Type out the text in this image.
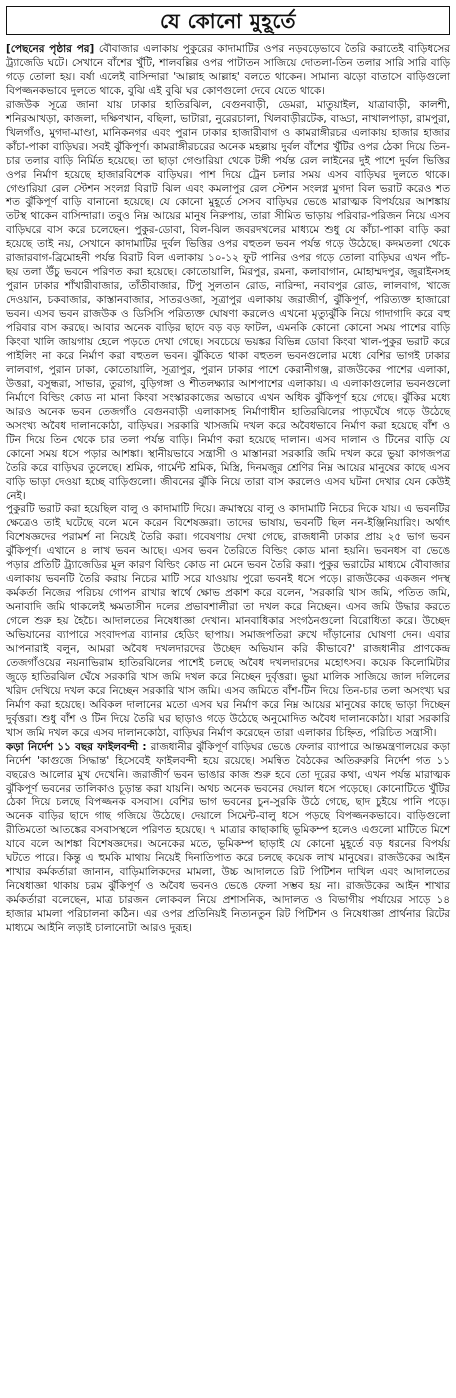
যে কোনো মুহূর্তে

[পেছনের পৃষ্ঠার পর] বৌবাজার এলাকায় পুকুরের কাদামাটির ওপর নড়বড়েভাবে তৈরি করাতেই বাড়িধসের ট্র্যাজেডি ঘটে। সেখানে বাঁশের খুঁটি, শালবল্লির ওপর পাটাতন সাজিয়ে দোতলা-তিন তলার সারি সারি বাড়ি গড়ে তোলা হয়। বর্ষা এলেই বাসিন্দারা 'আল্লাহ আল্লাহ' বলতে থাকেন। সামান্য ঝড়ো বাতাসে বাড়িগুলো বিপজ্জনকভাবে দুলতে থাকে, বুঝি এই বুঝি ঘর কোণগুলো দেবে যেতে থাকে।

রাজউক সূত্রে জানা যায় ঢাকার হাতিরঝিল, বেগুনবাড়ী, ডেমরা, মাতুয়াইল, যাত্রাবাড়ী, কালশী, শনিরআখড়া, কাজলা, দক্ষিণখান, বছিলা, ভাটারা, নুরেরচালা, খিলবাড়ীরটেক, বাড্ডা, নাখালপাড়া, রামপুরা, খিলগাঁও, মুগদা-মাণ্ডা, মানিকনগর এবং পুরান ঢাকার হাজারীবাগ ও কামরাঙ্গীরচর এলাকায় হাজার হাজার কাঁচা-পাকা বাড়িঘর। সবই ঝুঁকিপূর্ণ। কামরাঙ্গীরচরের অনেক মহল্লায় দুর্বল বাঁশের খুঁটির ওপর ঠেকা দিয়ে তিন-চার তলার বাড়ি নির্মিত হয়েছে। তা ছাড়া গেণ্ডারিয়া থেকে টঙ্গী পর্যন্ত রেল লাইনের দুই পাশে দুর্বল ভিত্তির ওপর নির্মাণ হয়েছে হাজারবিশেক বাড়িঘর। পাশ দিয়ে ট্রেন চলার সময় এসব বাড়িঘর দুলতে থাকে। গেণ্ডারিয়া রেল স্টেশন সংলগ্ন বিরাট ঝিল এবং কমলাপুর রেল স্টেশন সংলগ্ন মুগদা বিল ভরাট করেও শত শত ঝুঁকিপূর্ণ বাড়ি বানানো হয়েছে। যে কোনো মুহূর্তে সেসব বাড়িঘর ভেঙে মারাত্মক বিপর্যয়ের আশঙ্কায় তটস্থ থাকেন বাসিন্দারা। তবুও নিম্ন আয়ের মানুষ নিরুপায়, তারা সীমিত ভাড়ায় পরিবার-পরিজন নিয়ে এসব বাড়িঘরে বাস করে চলেছেন। পুকুর-ডোবা, বিল-ঝিল জবরদখলের মাধ্যমে শুধু যে কাঁচা-পাকা বাড়ি করা হয়েছে তাই নয়, সেখানে কাদামাটির দুর্বল ভিত্তির ওপর বহুতল ভবন পর্যন্ত গড়ে উঠেছে। কদমতলা থেকে রাজারবাগ-ব্রিমোহনী পর্যন্ত বিরাট বিল এলাকায় ১০-১২ ফুট পানির ওপর গড়ে তোলা বাড়িঘর এখন পাঁচ-ছয় তলা উঁচু ভবনে পরিণত করা হয়েছে। কোতোয়ালি, মিরপুর, রমনা, কলাবাগান, মোহাম্মদপুর, জুরাইনসহ পুরান ঢাকার শাঁখারীবাজার, তাঁতীবাজার, টিপু সুলতান রোড, নারিন্দা, নবাবপুর রোড, লালবাগ, খাজে দেওয়ান, চকবাজার, কাস্তানবাজার, সাতরওজা, সূত্রাপুর এলাকায় জরাজীর্ণ, ঝুঁকিপূর্ণ, পরিত্যক্ত হাজারো ভবন। এসব ভবন রাজউক ও ডিসিসি পরিত্যক্ত ঘোষণা করলেও এখনো মৃত্যুঝুঁকি নিয়ে গাদাগাদি করে বহু পরিবার বাস করছে। আবার অনেক বাড়ির ছাদে বড় বড় ফাটল, এমনকি কোনো কোনো সময় পাশের বাড়ি কিংবা খালি জায়গায় হেলে পড়তে দেখা গেছে। সবচেয়ে ভয়ঙ্কর বিভিন্ন ডোবা কিংবা খাল-পুকুর ভরাট করে পাইলিং না করে নির্মাণ করা বহুতল ভবন। ঝুঁকিতে থাকা বহুতল ভবনগুলোর মধ্যে বেশির ভাগই ঢাকার লালবাগ, পুরান ঢাকা, কোতোয়ালি, সূত্রাপুর, পুরান ঢাকার পাশে কেরানীগঞ্জ, রাজউকের পাশের এলাকা, উত্তরা, বসুন্ধরা, সাভার, তুরাগ, বুড়িগঙ্গা ও শীতলক্ষ্যার আশপাশের এলাকায়। এ এলাকাগুলোর ভবনগুলো নির্মাণে বিল্ডিং কোড না মানা কিংবা সংস্কারকাজের অভাবে এখন অধিক ঝুঁকিপূর্ণ হয়ে গেছে। ঝুঁকির মধ্যে আরও অনেক ভবন তেজগাঁও বেগুনবাড়ী এলাকাসহ নির্মাণাধীন হাতিরঝিলের পাড়ঘেঁষে গড়ে উঠেছে অসংখ্য অবৈধ দালানকোঠা, বাড়িঘর। সরকারি খাসজমি দখল করে অবৈধভাবে নির্মাণ করা হয়েছে বাঁশ ও টিন দিয়ে তিন থেকে চার তলা পর্যন্ত বাড়ি। নির্মাণ করা হয়েছে দালান। এসব দালান ও টিনের বাড়ি যে কোনো সময় ধসে পড়ার আশঙ্কা। স্থানীয়ভাবে সন্ত্রাসী ও মাস্তানরা সরকারি জমি দখল করে ভুয়া কাগজপত্র তৈরি করে বাড়িঘর তুলেছে। শ্রমিক, গার্মেন্ট শ্রমিক, মিস্ত্রি, দিনমজুর শ্রেণির নিম্ন আয়ের মানুষের কাছে এসব বাড়ি ভাড়া দেওয়া হচ্ছে বাড়িগুলো। জীবনের ঝুঁকি নিয়ে তারা বাস করলেও এসব ঘটনা দেখার যেন কেউই নেই।

পুকুরটি ভরাট করা হয়েছিল বালু ও কাদামাটি দিয়ে। ক্রমাস্বয়ে বালু ও কাদামাটি নিচের দিকে যায়। এ ভবনটির ক্ষেত্রেও তাই ঘটেছে বলে মনে করেন বিশেষজ্ঞরা। তাদের ভাষায়, ভবনটি ছিল নন-ইঞ্জিনিয়ারিং। অর্থাৎ বিশেষজ্ঞদের পরামর্শ না নিয়েই তৈরি করা। গবেষণায় দেখা গেছে, রাজধানী ঢাকার প্রায় ২৫ ভাগ ভবন ঝুঁকিপূর্ণ। এখানে ৪ লাখ ভবন আছে। এসব ভবন তৈরিতে বিল্ডিং কোড মানা হয়নি। ভবনধস বা ভেঙে পড়ার প্রতিটি ট্র্যাজেডির মূল কারণ বিল্ডিং কোড না মেনে ভবন তৈরি করা। পুকুর ভরাটের মাধ্যমে বৌবাজার এলাকায় ভবনটি তৈরি করায় নিচের মাটি সরে যাওয়ায় পুরো ভবনই ধসে পড়ে। রাজউকের একজন পদস্থ কর্মকর্তা নিজের পরিচয় গোপন রাখার স্বার্থে ক্ষোভ প্রকাশ করে বলেন, 'সরকারি খাস জমি, পতিত জমি, অনাবাদি জমি থাকলেই ক্ষমতাসীন দলের প্রভাবশালীরা তা দখল করে নিচ্ছেন। এসব জমি উদ্ধার করতে গেলে শুরু হয় হৈচৈ। আদালতের নিষেধাজ্ঞা দেখান। মানবাধিকার সংগঠনগুলো বিরোধিতা করে। উচ্ছেদ অভিযানের ব্যাপারে সংবাদপত্র ব্যানার হেডিং ছাপায়। সমাজপতিরা রুখে দাঁড়ানোর ঘোষণা দেন। এবার আপনারাই বলুন, আমরা অবৈধ দখলদারদের উচ্ছেদ অভিযান করি কীভাবে?' রাজধানীর প্রাণকেন্দ্র তেজগাঁওয়ের নয়নাভিরাম হাতিরঝিলের পাশেই চলছে অবৈধ দখলদারদের মহোৎসব। কয়েক কিলোমিটার জুড়ে হাতিরঝিল ঘেঁষে সরকারি খাস জমি দখল করে নিচ্ছেন দুর্বৃত্তরা। ভুয়া মালিক সাজিয়ে জাল দলিলের খরিদ দেখিয়ে দখল করে নিচ্ছেন সরকারি খাস জমি। এসব জমিতে বাঁশ-টিন দিয়ে তিন-চার তলা অসংখ্য ঘর নির্মাণ করা হয়েছে। অবিকল দালানের মতো এসব ঘর নির্মাণ করে নিম্ন আয়ের মানুষের কাছে ভাড়া দিচ্ছেন দুর্বৃত্তরা। শুধু বাঁশ ও টিন দিয়ে তৈরি ঘর ছাড়াও গড়ে উঠেছে অনুমোদিত অবৈধ দালানকোঠা। যারা সরকারি খাস জমি দখল করে এসব দালানকোঠা, বাড়িঘর নির্মাণ করেছেন তারা এলাকার চিহ্নিত, পরিচিত সন্ত্রাসী।

কড়া নির্দেশ ১১ বছর ফাইলবন্দী : রাজধানীর ঝুঁকিপূর্ণ বাড়িঘর ভেঙে ফেলার ব্যাপারে আন্তমন্ত্রণালয়ের কড়া নির্দেশ 'কাগুজে সিদ্ধান্ত' হিসেবেই ফাইলবন্দী হয়ে রয়েছে। সমন্বিত বৈঠকের অতিরুরুরি নির্দেশ গত ১১ বছরেও আলোর মুখ দেখেনি। জরাজীর্ণ ভবন ভাঙার কাজ শুরু হবে তো দূরের কথা, এখন পর্যন্ত মারাত্মক ঝুঁকিপূর্ণ ভবনের তালিকাও চূড়ান্ত করা যায়নি। অথচ অনেক ভবনের দেয়াল ধসে পড়েছে। কোনোটিতে খুঁটির ঠেকা দিয়ে চলছে বিপজ্জনক বসবাস। বেশির ভাগ ভবনের চুন-সুরকি উঠে গেছে, ছাদ চুইয়ে পানি পড়ে। অনেক বাড়ির ছাদে গাছ গজিয়ে উঠেছে। দেয়ালে সিমেন্ট-বালু ধসে পড়ছে বিপজ্জনকভাবে। বাড়িগুলো রীতিমতো আতঙ্কের বসবাসস্থলে পরিণত হয়েছে। ৭ মাত্রার কাছাকাছি ভূমিকম্প হলেও এগুলো মাটিতে মিশে যাবে বলে আশঙ্কা বিশেষজ্ঞদের। অনেকের মতে, ভূমিকম্প ছাড়াই যে কোনো মুহূর্তে বড় ধরনের বিপর্যয় ঘটতে পারে। কিন্তু এ হুমকি মাথায় নিয়েই দিনাতিপাত করে চলছে কয়েক লাখ মানুষের। রাজউকের আইন শাখার কর্মকর্তারা জানান, বাড়িমালিকদের মামলা, উচ্চ আদালতে রিট পিটিশন দাখিল এবং আদালতের নিষেধাজ্ঞা থাকায় চরম ঝুঁকিপূর্ণ ও অবৈধ ভবনও ভেঙে ফেলা সম্ভব হয় না। রাজউকের আইন শাখার কর্মকর্তারা বলেছেন, মাত্র চারজন লোকবল নিয়ে প্রশাসনিক, আদালত ও বিভাগীয় পর্যায়ের সাড়ে ১৪ হাজার মামলা পরিচালনা কঠিন। এর ওপর প্রতিনিয়ই নিত্যনতুন রিট পিটিশন ও নিষেধাজ্ঞা প্রার্থনার রিটের মাধ্যমে আইনি লড়াই চালানোটা আরও দুরূহ।
